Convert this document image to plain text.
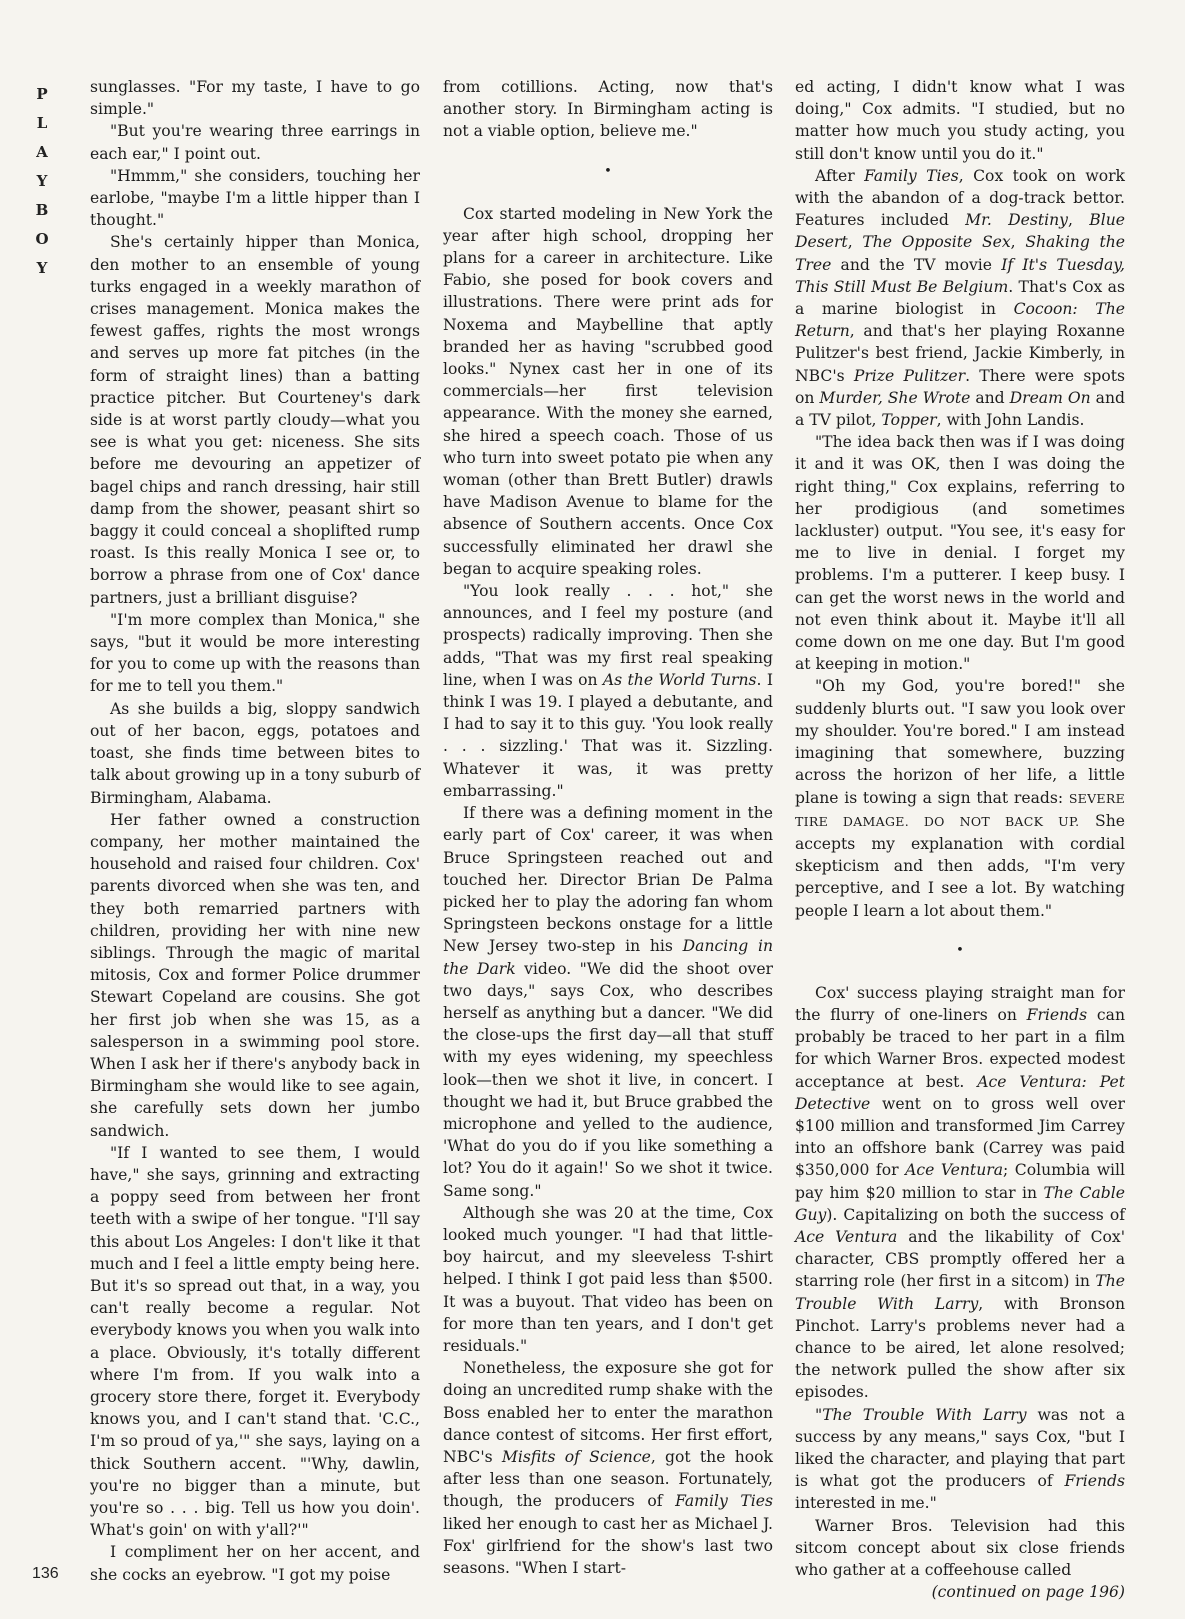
P
L
A
Y
B
O
Y

sunglasses. "For my taste, I have to go simple."

"But you're wearing three earrings in each ear," I point out.

"Hmmm," she considers, touching her earlobe, "maybe I'm a little hipper than I thought."

She's certainly hipper than Monica, den mother to an ensemble of young turks engaged in a weekly marathon of crises management. Monica makes the fewest gaffes, rights the most wrongs and serves up more fat pitches (in the form of straight lines) than a batting practice pitcher. But Courteney's dark side is at worst partly cloudy—what you see is what you get: niceness. She sits before me devouring an appetizer of bagel chips and ranch dressing, hair still damp from the shower, peasant shirt so baggy it could conceal a shoplifted rump roast. Is this really Monica I see or, to borrow a phrase from one of Cox' dance partners, just a brilliant disguise?

"I'm more complex than Monica," she says, "but it would be more interesting for you to come up with the reasons than for me to tell you them."

As she builds a big, sloppy sandwich out of her bacon, eggs, potatoes and toast, she finds time between bites to talk about growing up in a tony suburb of Birmingham, Alabama.

Her father owned a construction company, her mother maintained the household and raised four children. Cox' parents divorced when she was ten, and they both remarried partners with children, providing her with nine new siblings. Through the magic of marital mitosis, Cox and former Police drummer Stewart Copeland are cousins. She got her first job when she was 15, as a salesperson in a swimming pool store. When I ask her if there's anybody back in Birmingham she would like to see again, she carefully sets down her jumbo sandwich.

"If I wanted to see them, I would have," she says, grinning and extracting a poppy seed from between her front teeth with a swipe of her tongue. "I'll say this about Los Angeles: I don't like it that much and I feel a little empty being here. But it's so spread out that, in a way, you can't really become a regular. Not everybody knows you when you walk into a place. Obviously, it's totally different where I'm from. If you walk into a grocery store there, forget it. Everybody knows you, and I can't stand that. 'C.C., I'm so proud of ya,'" she says, laying on a thick Southern accent. "'Why, dawlin, you're no bigger than a minute, but you're so . . . big. Tell us how you doin'. What's goin' on with y'all?'"

I compliment her on her accent, and she cocks an eyebrow. "I got my poise

from cotillions. Acting, now that's another story. In Birmingham acting is not a viable option, believe me."

•

Cox started modeling in New York the year after high school, dropping her plans for a career in architecture. Like Fabio, she posed for book covers and illustrations. There were print ads for Noxema and Maybelline that aptly branded her as having "scrubbed good looks." Nynex cast her in one of its commercials—her first television appearance. With the money she earned, she hired a speech coach. Those of us who turn into sweet potato pie when any woman (other than Brett Butler) drawls have Madison Avenue to blame for the absence of Southern accents. Once Cox successfully eliminated her drawl she began to acquire speaking roles.

"You look really . . . hot," she announces, and I feel my posture (and prospects) radically improving. Then she adds, "That was my first real speaking line, when I was on As the World Turns. I think I was 19. I played a debutante, and I had to say it to this guy. 'You look really . . . sizzling.' That was it. Sizzling. Whatever it was, it was pretty embarrassing."

If there was a defining moment in the early part of Cox' career, it was when Bruce Springsteen reached out and touched her. Director Brian De Palma picked her to play the adoring fan whom Springsteen beckons onstage for a little New Jersey two-step in his Dancing in the Dark video. "We did the shoot over two days," says Cox, who describes herself as anything but a dancer. "We did the close-ups the first day—all that stuff with my eyes widening, my speechless look—then we shot it live, in concert. I thought we had it, but Bruce grabbed the microphone and yelled to the audience, 'What do you do if you like something a lot? You do it again!' So we shot it twice. Same song."

Although she was 20 at the time, Cox looked much younger. "I had that little-boy haircut, and my sleeveless T-shirt helped. I think I got paid less than $500. It was a buyout. That video has been on for more than ten years, and I don't get residuals."

Nonetheless, the exposure she got for doing an uncredited rump shake with the Boss enabled her to enter the marathon dance contest of sitcoms. Her first effort, NBC's Misfits of Science, got the hook after less than one season. Fortunately, though, the producers of Family Ties liked her enough to cast her as Michael J. Fox' girlfriend for the show's last two seasons. "When I start-

ed acting, I didn't know what I was doing," Cox admits. "I studied, but no matter how much you study acting, you still don't know until you do it."

After Family Ties, Cox took on work with the abandon of a dog-track bettor. Features included Mr. Destiny, Blue Desert, The Opposite Sex, Shaking the Tree and the TV movie If It's Tuesday, This Still Must Be Belgium. That's Cox as a marine biologist in Cocoon: The Return, and that's her playing Roxanne Pulitzer's best friend, Jackie Kimberly, in NBC's Prize Pulitzer. There were spots on Murder, She Wrote and Dream On and a TV pilot, Topper, with John Landis.

"The idea back then was if I was doing it and it was OK, then I was doing the right thing," Cox explains, referring to her prodigious (and sometimes lackluster) output. "You see, it's easy for me to live in denial. I forget my problems. I'm a putterer. I keep busy. I can get the worst news in the world and not even think about it. Maybe it'll all come down on me one day. But I'm good at keeping in motion."

"Oh my God, you're bored!" she suddenly blurts out. "I saw you look over my shoulder. You're bored." I am instead imagining that somewhere, buzzing across the horizon of her life, a little plane is towing a sign that reads: SEVERE TIRE DAMAGE. DO NOT BACK UP. She accepts my explanation with cordial skepticism and then adds, "I'm very perceptive, and I see a lot. By watching people I learn a lot about them."

•

Cox' success playing straight man for the flurry of one-liners on Friends can probably be traced to her part in a film for which Warner Bros. expected modest acceptance at best. Ace Ventura: Pet Detective went on to gross well over $100 million and transformed Jim Carrey into an offshore bank (Carrey was paid $350,000 for Ace Ventura; Columbia will pay him $20 million to star in The Cable Guy). Capitalizing on both the success of Ace Ventura and the likability of Cox' character, CBS promptly offered her a starring role (her first in a sitcom) in The Trouble With Larry, with Bronson Pinchot. Larry's problems never had a chance to be aired, let alone resolved; the network pulled the show after six episodes.

"The Trouble With Larry was not a success by any means," says Cox, "but I liked the character, and playing that part is what got the producers of Friends interested in me."

Warner Bros. Television had this sitcom concept about six close friends who gather at a coffeehouse called

(continued on page 196)

136
